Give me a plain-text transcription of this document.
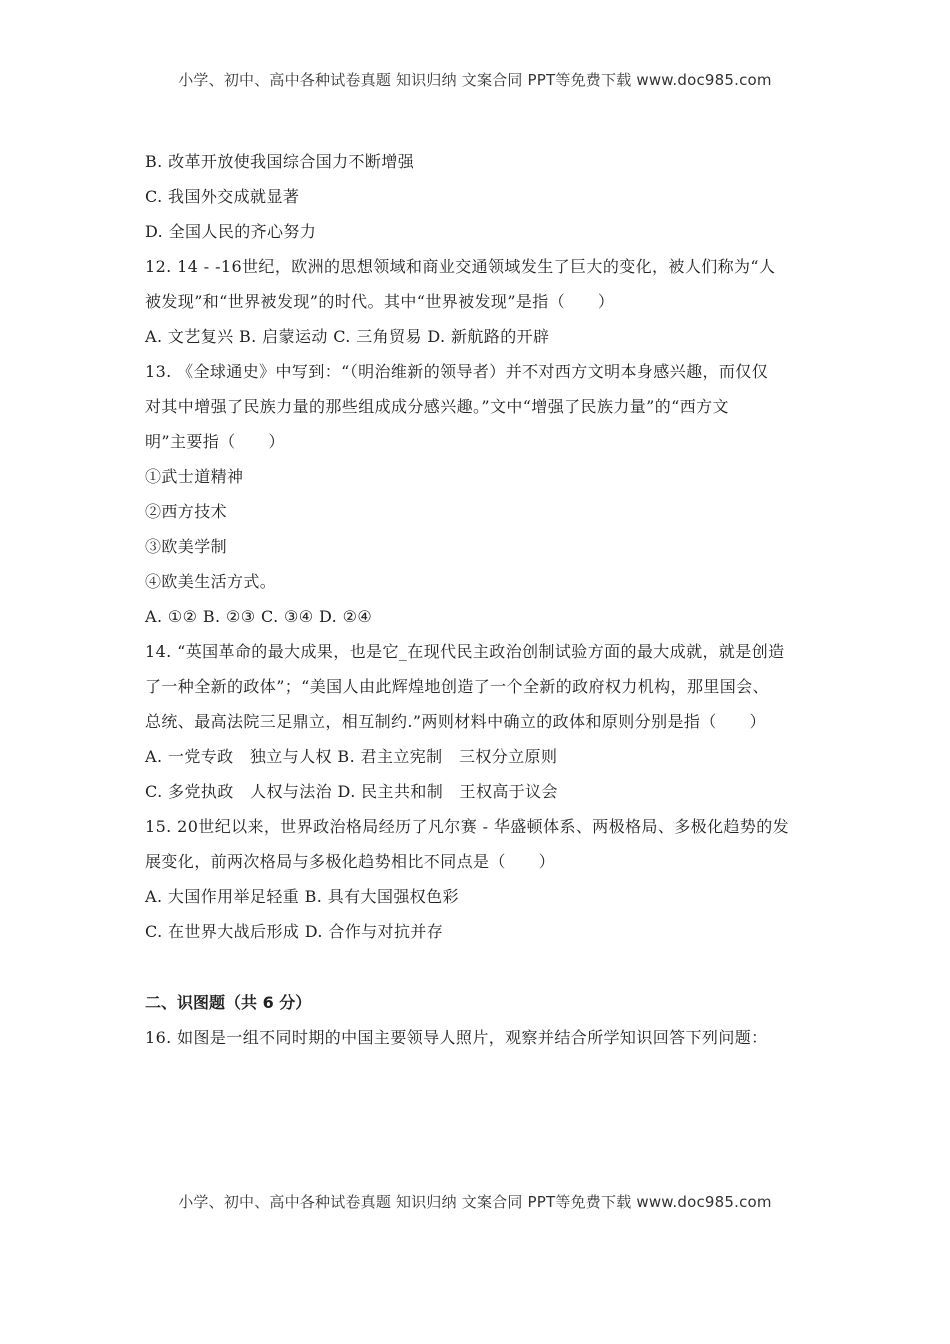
小学、初中、高中各种试卷真题 知识归纳 文案合同 PPT等免费下载 www.doc985.com
B. 改革开放使我国综合国力不断增强
C. 我国外交成就显著
D. 全国人民的齐心努力
12. 14 - -16世纪，欧洲的思想领域和商业交通领域发生了巨大的变化，被人们称为“人
被发现”和“世界被发现”的时代。其中“世界被发现”是指（　　）
A. 文艺复兴 B. 启蒙运动 C. 三角贸易 D. 新航路的开辟
13. 《全球通史》中写到：“（明治维新的领导者）并不对西方文明本身感兴趣，而仅仅
对其中增强了民族力量的那些组成成分感兴趣。”文中“增强了民族力量”的“西方文
明”主要指（　　）
①武士道精神
②西方技术
③欧美学制
④欧美生活方式。
A. ①② B. ②③ C. ③④ D. ②④
14. “英国革命的最大成果，也是它_在现代民主政治创制试验方面的最大成就，就是创造
了一种全新的政体”；“美国人由此辉煌地创造了一个全新的政府权力机构，那里国会、
总统、最高法院三足鼎立，相互制约.”两则材料中确立的政体和原则分别是指（　　）
A. 一党专政　独立与人权 B. 君主立宪制　三权分立原则
C. 多党执政　人权与法治 D. 民主共和制　王权高于议会
15. 20世纪以来，世界政治格局经历了凡尔赛 - 华盛顿体系、两极格局、多极化趋势的发
展变化，前两次格局与多极化趋势相比不同点是（　　）
A. 大国作用举足轻重 B. 具有大国强权色彩
C. 在世界大战后形成 D. 合作与对抗并存
二、识图题（共 6 分）
16. 如图是一组不同时期的中国主要领导人照片，观察并结合所学知识回答下列问题：
小学、初中、高中各种试卷真题 知识归纳 文案合同 PPT等免费下载 www.doc985.com
